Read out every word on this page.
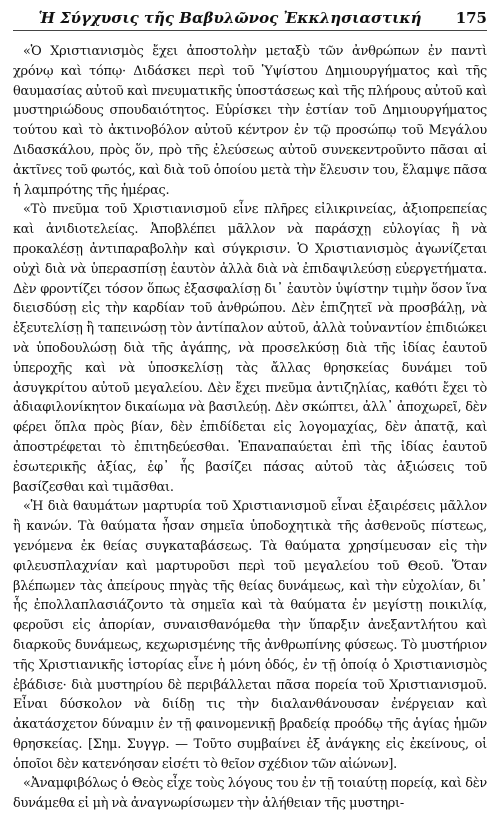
Ἡ Σύγχυσις τῆς Βαβυλῶνος Ἐκκλησιαστική	175

«Ὁ Χριστιανισμὸς ἔχει ἀποστολὴν μεταξὺ τῶν ἀνθρώπων ἐν παντὶ χρόνῳ καὶ τόπῳ· Διδάσκει περὶ τοῦ Ὑψίστου Δημιουργήματος καὶ τῆς θαυμασίας αὐτοῦ καὶ πνευματικῆς ὑποστάσεως καὶ τῆς πλήρους αὐτοῦ καὶ μυστηριώδους σπουδαιότητος. Εὑρίσκει τὴν ἑστίαν τοῦ Δημιουργήματος τούτου καὶ τὸ ἀκτινοβόλον αὐτοῦ κέντρον ἐν τῷ προσώπῳ τοῦ Μεγάλου Διδασκάλου, πρὸς ὅν, πρὸ τῆς ἐλεύσεως αὐτοῦ συνεκεντροῦντο πᾶσαι αἱ ἀκτῖνες τοῦ φωτός, καὶ διὰ τοῦ ὁποίου μετὰ τὴν ἔλευσιν του, ἔλαμψε πᾶσα ἡ λαμπρότης τῆς ἡμέρας.

«Τὸ πνεῦμα τοῦ Χριστιανισμοῦ εἶνε πλῆρες εἰλικρινείας, ἀξιοπρεπείας καὶ ἀνιδιοτελείας. Ἀποβλέπει μᾶλλον νὰ παράσχῃ εὐλογίας ἢ νὰ προκαλέσῃ ἀντιπαραβολὴν καὶ σύγκρισιν. Ὁ Χριστιανισμὸς ἀγωνίζεται οὐχὶ διὰ νὰ ὑπερασπίσῃ ἑαυτὸν ἀλλὰ διὰ νὰ ἐπιδαψιλεύσῃ εὐεργετήματα. Δὲν φροντίζει τόσον ὅπως ἐξασφαλίσῃ δι᾿ ἑαυτὸν ὑψίστην τιμὴν ὅσον ἵνα διεισδύσῃ εἰς τὴν καρδίαν τοῦ ἀνθρώπου. Δὲν ἐπιζητεῖ νὰ προσβάλῃ, νὰ ἐξευτελίσῃ ἢ ταπεινώσῃ τὸν ἀντίπαλον αὐτοῦ, ἀλλὰ τοὐναντίον ἐπιδιώκει νὰ ὑποδουλώσῃ διὰ τῆς ἀγάπης, νὰ προσελκύσῃ διὰ τῆς ἰδίας ἑαυτοῦ ὑπεροχῆς καὶ νὰ ὑποσκελίσῃ τὰς ἄλλας θρησκείας δυνάμει τοῦ ἀσυγκρίτου αὐτοῦ μεγαλείου. Δὲν ἔχει πνεῦμα ἀντιζηλίας, καθότι ἔχει τὸ ἀδιαφιλονίκητον δικαίωμα νὰ βασιλεύῃ. Δὲν σκώπτει, ἀλλ᾿ ἀποχωρεῖ, δὲν φέρει ὅπλα πρὸς βίαν, δὲν ἐπιδίδεται εἰς λογομαχίας, δὲν ἀπατᾷ, καὶ ἀποστρέφεται τὸ ἐπιτηδεύεσθαι. Ἐπαναπαύεται ἐπὶ τῆς ἰδίας ἑαυτοῦ ἐσωτερικῆς ἀξίας, ἐφ᾿ ἧς βασίζει πάσας αὐτοῦ τὰς ἀξιώσεις τοῦ βασίζεσθαι καὶ τιμᾶσθαι.

«Ἡ διὰ θαυμάτων μαρτυρία τοῦ Χριστιανισμοῦ εἶναι ἐξαιρέσεις μᾶλλον ἢ κανών. Τὰ θαύματα ἦσαν σημεῖα ὑποδοχητικὰ τῆς ἀσθενοῦς πίστεως, γενόμενα ἐκ θείας συγκαταβάσεως. Τὰ θαύματα χρησίμευσαν εἰς τὴν φιλευσπλαχνίαν καὶ μαρτυροῦσι περὶ τοῦ μεγαλείου τοῦ Θεοῦ. Ὅταν βλέπωμεν τὰς ἀπείρους πηγὰς τῆς θείας δυνάμεως, καὶ τὴν εὐχολίαν, δι᾿ ἧς ἐπολλαπλασιάζοντο τὰ σημεῖα καὶ τὰ θαύματα ἐν μεγίστῃ ποικιλίᾳ, φεροῦσι εἰς ἀπορίαν, συναισθανόμεθα τὴν ὕπαρξιν ἀνεξαντλήτου καὶ διαρκοῦς δυνάμεως, κεχωρισμένης τῆς ἀνθρωπίνης φύσεως. Τὸ μυστήριον τῆς Χριστιανικῆς ἱστορίας εἶνε ἡ μόνη ὁδός, ἐν τῇ ὁποίᾳ ὁ Χριστιανισμὸς ἐβάδισε· διὰ μυστηρίου δὲ περιβάλλεται πᾶσα πορεία τοῦ Χριστιανισμοῦ. Εἶναι δύσκολον νὰ διίδῃ τις τὴν διαλανθάνουσαν ἐνέργειαν καὶ ἀκατάσχετον δύναμιν ἐν τῇ φαινομενικῇ βραδείᾳ προόδῳ τῆς ἁγίας ἡμῶν θρησκείας. [Σημ. Συγγρ. — Τοῦτο συμβαίνει ἐξ ἀνάγκης εἰς ἐκείνους, οἱ ὁποῖοι δὲν κατενόησαν εἰσέτι τὸ θεῖον σχέδιον τῶν αἰώνων].

«Ἀναμφιβόλως ὁ Θεὸς εἶχε τοὺς λόγους του ἐν τῇ τοιαύτῃ πορείᾳ, καὶ δὲν δυνάμεθα εἰ μὴ νὰ ἀναγνωρίσωμεν τὴν ἀλήθειαν τῆς μυστηρι-
